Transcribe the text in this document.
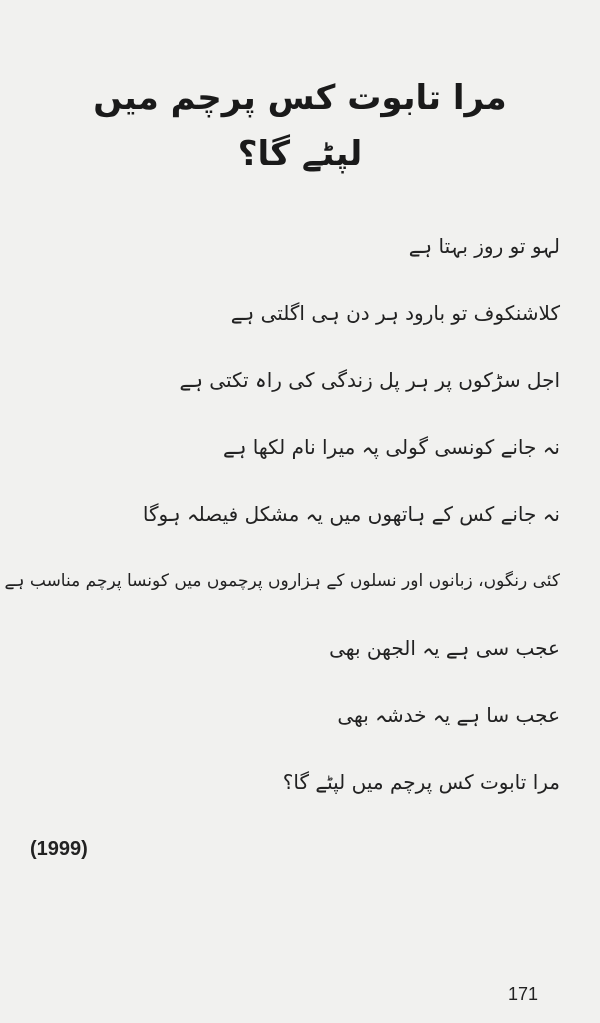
مرا تابوت کس پرچم میں لپٹے گا؟
لہو تو روز بہتا ہے
کلاشنکوف تو بارود ہر دن ہی اگلتی ہے
اجل سڑکوں پر ہر پل زندگی کی راہ تکتی ہے
نہ جانے کونسی گولی پہ میرا نام لکھا ہے
نہ جانے کس کے ہاتھوں میں یہ مشکل فیصلہ ہوگا
کئی رنگوں، زبانوں اور نسلوں کے ہزاروں پرچموں میں کونسا پرچم مناسب ہے
عجب سی ہے یہ الجھن بھی
عجب سا ہے یہ خدشہ بھی
مرا تابوت کس پرچم میں لپٹے گا؟
(1999)
171
